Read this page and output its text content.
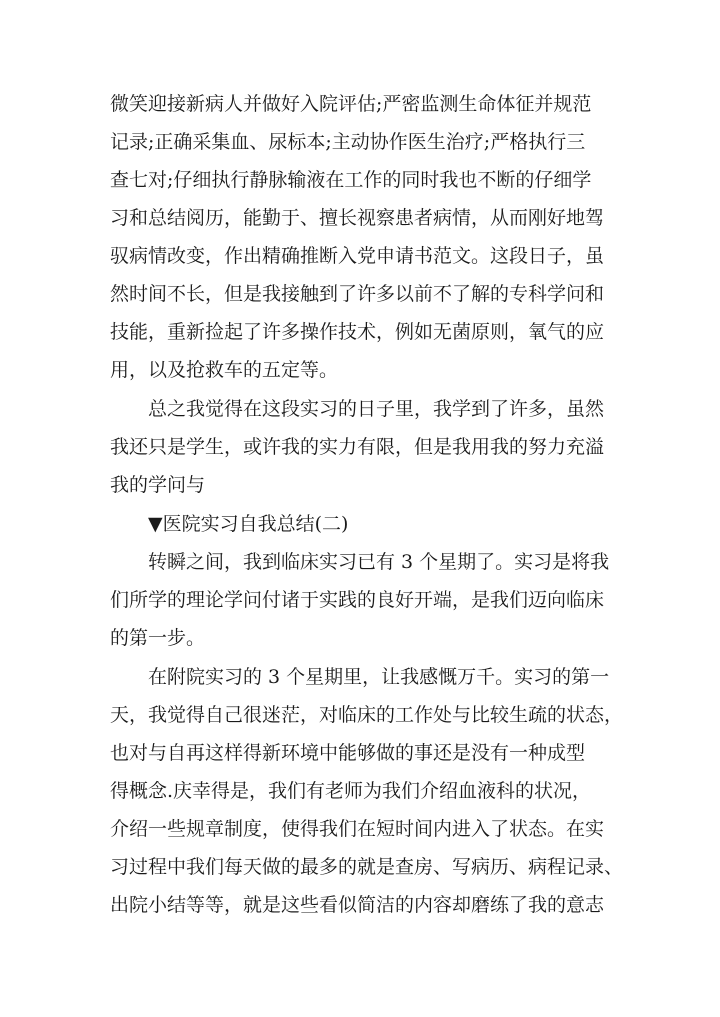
微笑迎接新病人并做好入院评估;严密监测生命体征并规范
记录;正确采集血、尿标本;主动协作医生治疗;严格执行三
查七对;仔细执行静脉输液在工作的同时我也不断的仔细学
习和总结阅历，能勤于、擅长视察患者病情，从而刚好地驾
驭病情改变，作出精确推断入党申请书范文。这段日子，虽
然时间不长，但是我接触到了许多以前不了解的专科学问和
技能，重新捡起了许多操作技术，例如无菌原则，氧气的应
用，以及抢救车的五定等。
总之我觉得在这段实习的日子里，我学到了许多，虽然
我还只是学生，或许我的实力有限，但是我用我的努力充溢
我的学问与
▼医院实习自我总结(二)
转瞬之间，我到临床实习已有 3 个星期了。实习是将我
们所学的理论学问付诸于实践的良好开端，是我们迈向临床
的第一步。
在附院实习的 3 个星期里，让我感慨万千。实习的第一
天，我觉得自己很迷茫，对临床的工作处与比较生疏的状态，
也对与自再这样得新环境中能够做的事还是没有一种成型
得概念.庆幸得是，我们有老师为我们介绍血液科的状况，
介绍一些规章制度，使得我们在短时间内进入了状态。在实
习过程中我们每天做的最多的就是查房、写病历、病程记录、
出院小结等等，就是这些看似简洁的内容却磨练了我的意志
